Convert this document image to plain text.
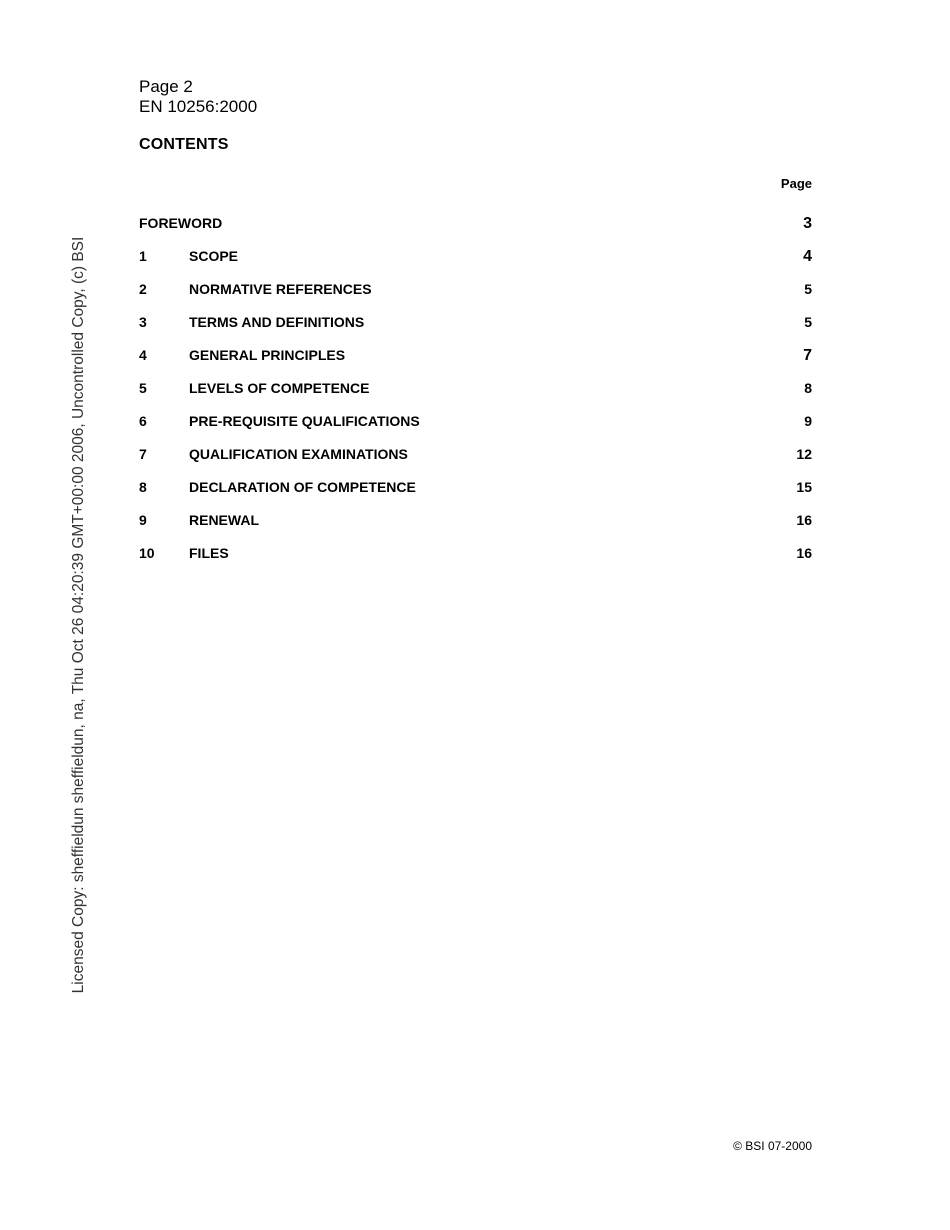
Page 2
EN 10256:2000
CONTENTS
Page
FOREWORD	3
1	SCOPE	4
2	NORMATIVE REFERENCES	5
3	TERMS AND DEFINITIONS	5
4	GENERAL PRINCIPLES	7
5	LEVELS OF COMPETENCE	8
6	PRE-REQUISITE QUALIFICATIONS	9
7	QUALIFICATION EXAMINATIONS	12
8	DECLARATION OF COMPETENCE	15
9	RENEWAL	16
10	FILES	16
Licensed Copy: sheffieldun sheffieldun, na, Thu Oct 26 04:20:39 GMT+00:00 2006, Uncontrolled Copy, (c) BSI
© BSI 07-2000
